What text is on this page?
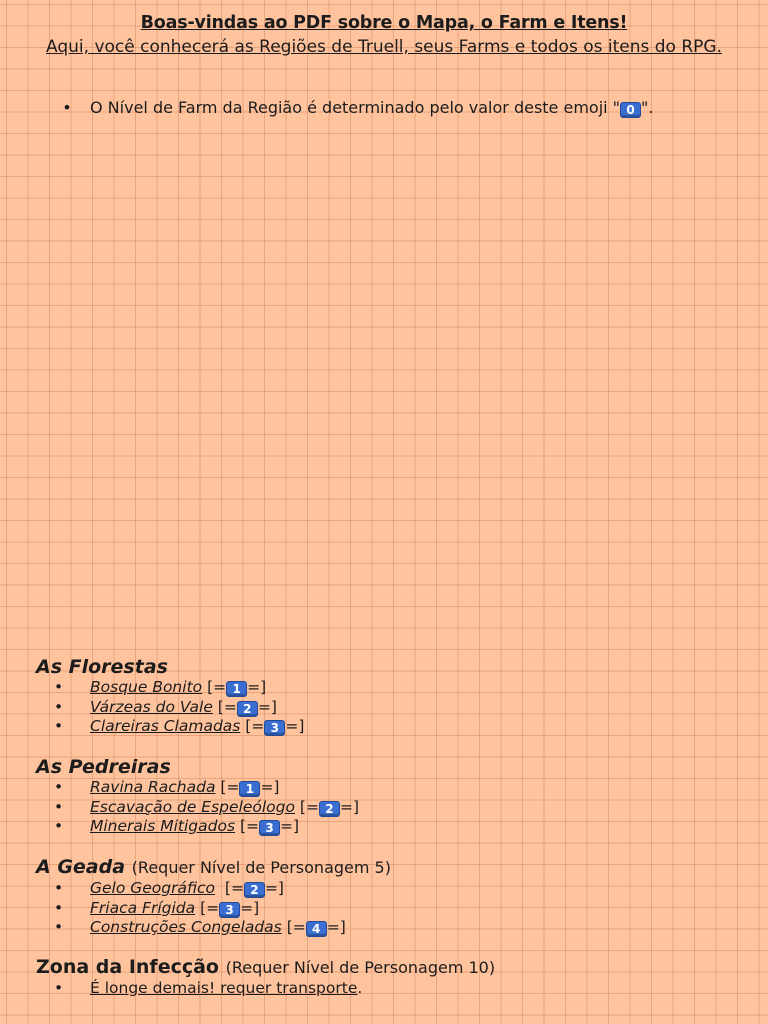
Boas-vindas ao PDF sobre o Mapa, o Farm e Itens!
Aqui, você conhecerá as Regiões de Truell, seus Farms e todos os itens do RPG.
• O Nível de Farm da Região é determinado pelo valor deste emoji " 0 ".
As Florestas
• Bosque Bonito [= 1 =]
• Várzeas do Vale [= 2 =]
• Clareiras Clamadas [= 3 =]
As Pedreiras
• Ravina Rachada [= 1 =]
• Escavação de Espeleólogo [= 2 =]
• Minerais Mitigados [= 3 =]
A Geada (Requer Nível de Personagem 5)
• Gelo Geográfico [= 2 =]
• Friaca Frígida [= 3 =]
• Construções Congeladas [= 4 =]
Zona da Infecção (Requer Nível de Personagem 10)
• É longe demais! requer transporte.
